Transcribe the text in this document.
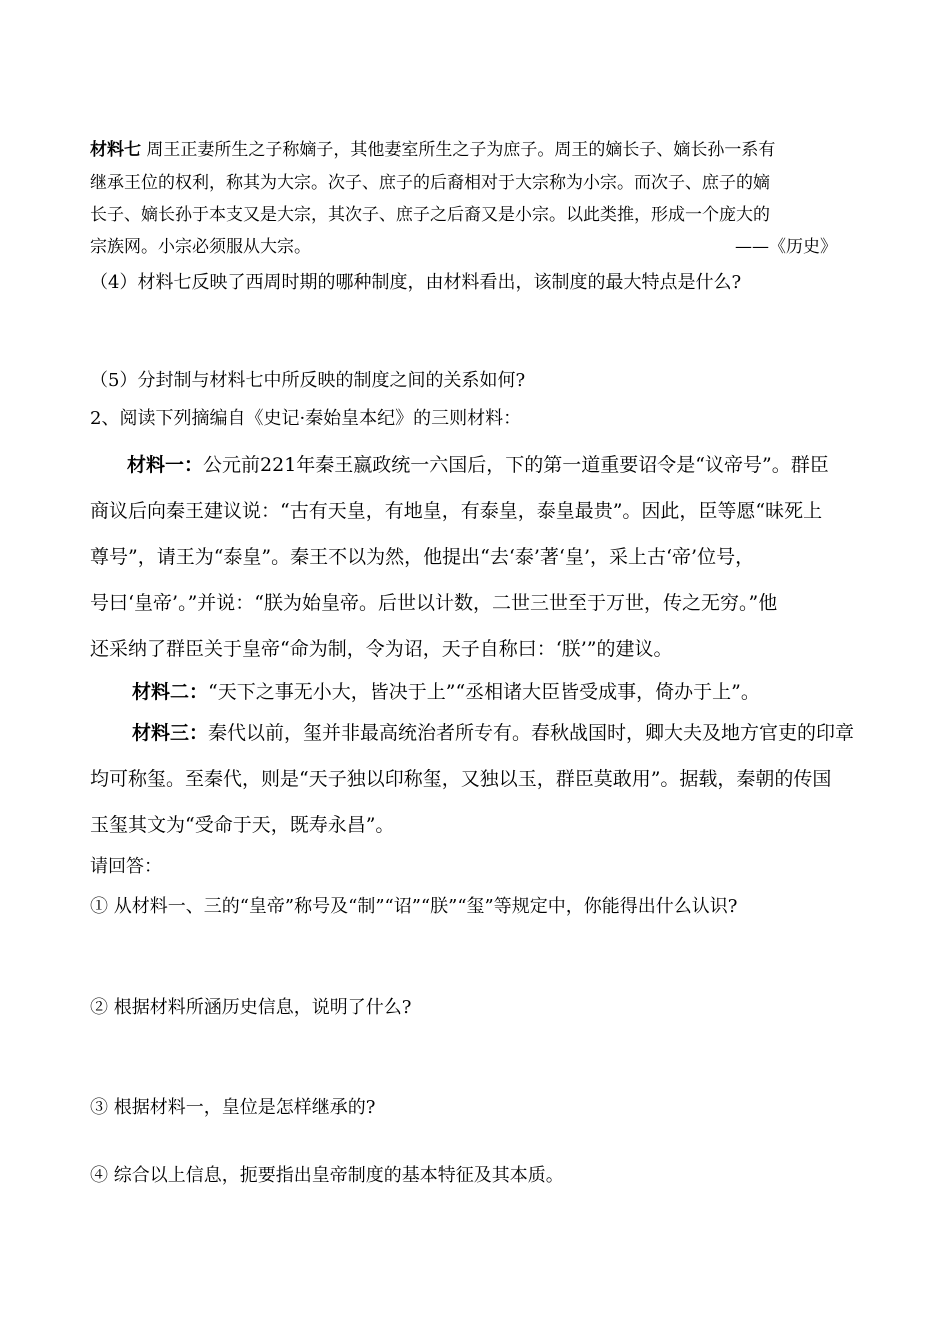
材料七 周王正妻所生之子称嫡子，其他妻室所生之子为庶子。周王的嫡长子、嫡长孙一系有
继承王位的权利，称其为大宗。次子、庶子的后裔相对于大宗称为小宗。而次子、庶子的嫡
长子、嫡长孙于本支又是大宗，其次子、庶子之后裔又是小宗。以此类推，形成一个庞大的
宗族网。小宗必须服从大宗。	——《历史》
（4）材料七反映了西周时期的哪种制度，由材料看出，该制度的最大特点是什么?
（5）分封制与材料七中所反映的制度之间的关系如何?
2、阅读下列摘编自《史记·秦始皇本纪》的三则材料：
材料一：公元前221年秦王嬴政统一六国后，下的第一道重要诏令是“议帝号”。群臣
商议后向秦王建议说：“古有天皇，有地皇，有泰皇，泰皇最贵”。因此，臣等愿“昧死上
尊号”，请王为“泰皇”。秦王不以为然，他提出“去‘泰’著‘皇’，采上古‘帝’位号，
号曰‘皇帝’。”并说：“朕为始皇帝。后世以计数，二世三世至于万世，传之无穷。”他
还采纳了群臣关于皇帝“命为制，令为诏，天子自称曰：‘朕’”的建议。
材料二：“天下之事无小大，皆决于上”“丞相诸大臣皆受成事，倚办于上”。
材料三：秦代以前，玺并非最高统治者所专有。春秋战国时，卿大夫及地方官吏的印章
均可称玺。至秦代，则是“天子独以印称玺，又独以玉，群臣莫敢用”。据载，秦朝的传国
玉玺其文为“受命于天，既寿永昌”。
请回答：
① 从材料一、三的“皇帝”称号及“制”“诏”“朕”“玺”等规定中，你能得出什么认识?
② 根据材料所涵历史信息，说明了什么?
③ 根据材料一，皇位是怎样继承的?
④ 综合以上信息，扼要指出皇帝制度的基本特征及其本质。
